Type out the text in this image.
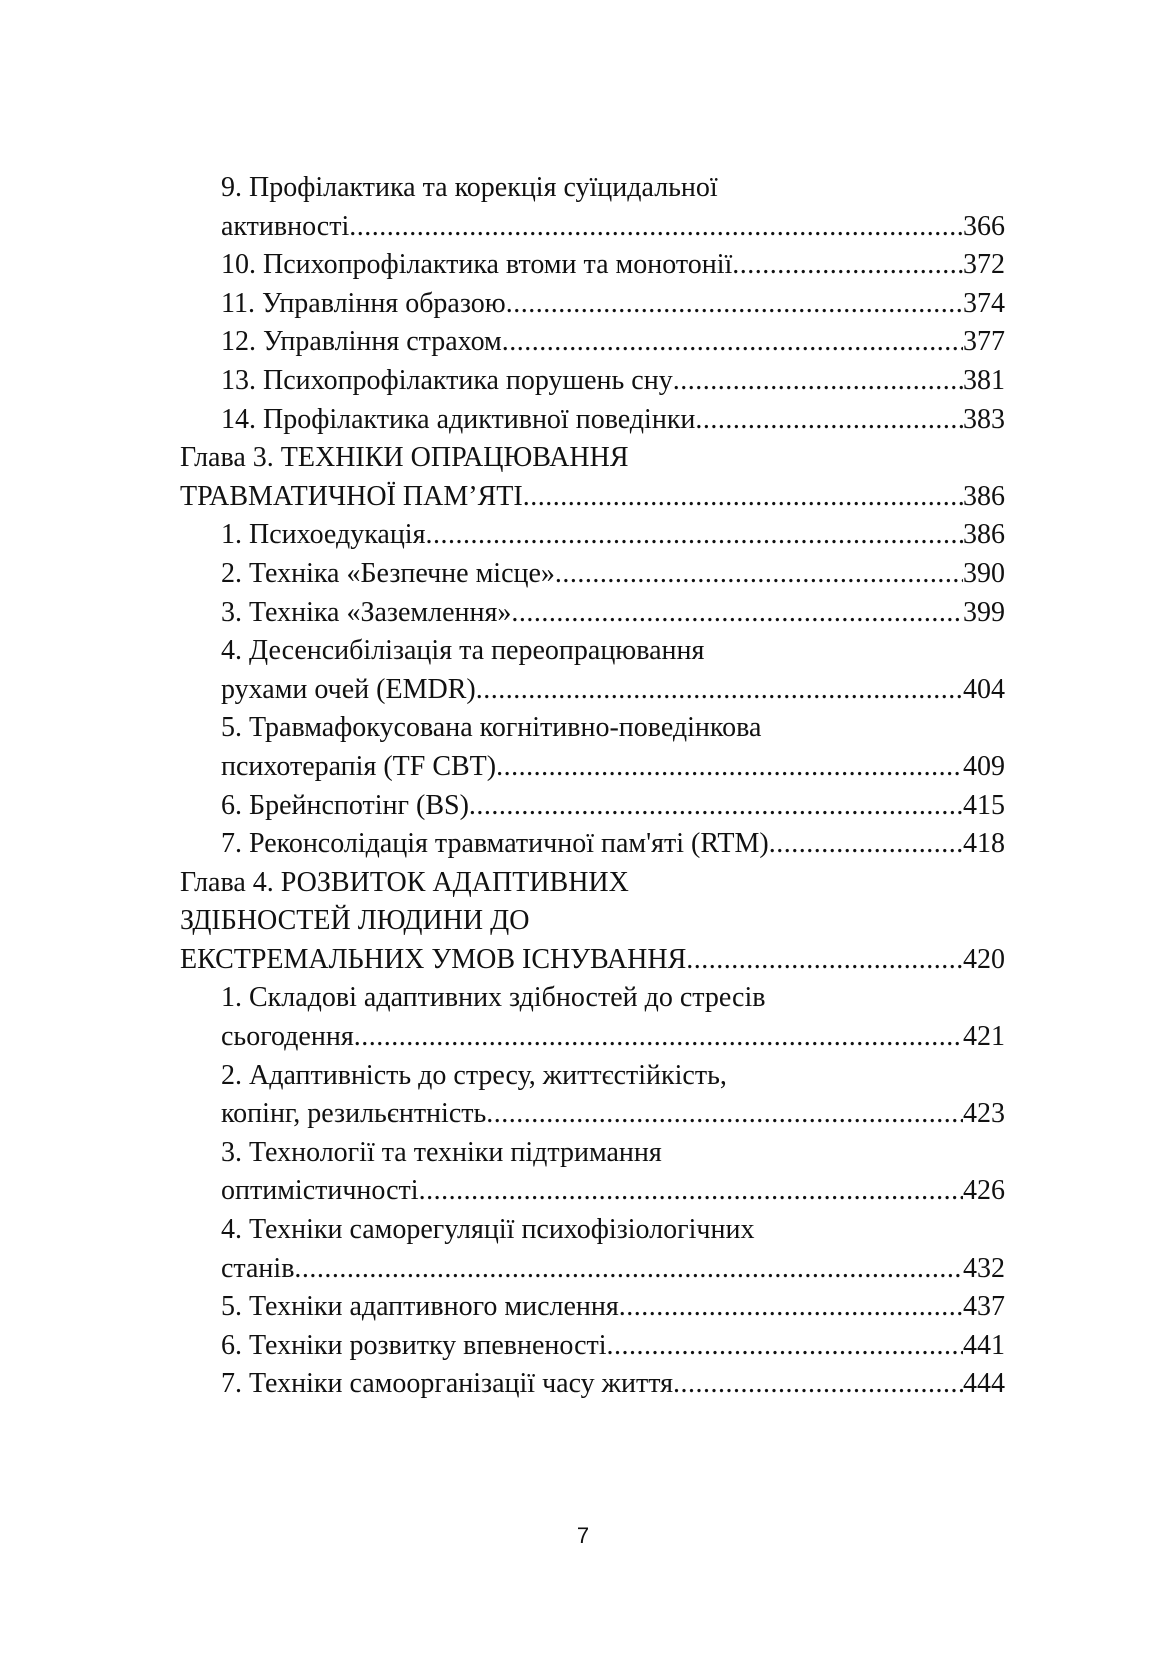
9. Профілактика та корекція суїцидальної
активності .....	366
10. Психопрофілактика втоми та монотонії .....	372
11. Управління образою .....	374
12. Управління страхом .....	377
13. Психопрофілактика порушень сну .....	381
14. Профілактика адиктивної поведінки .....	383
Глава 3. ТЕХНІКИ ОПРАЦЮВАННЯ
ТРАВМАТИЧНОЇ ПАМ’ЯТІ .....	386
1. Психоедукація .....	386
2. Техніка «Безпечне місце» .....	390
3. Техніка «Заземлення» .....	399
4. Десенсибілізація та переопрацювання
рухами очей (EMDR) .....	404
5. Травмафокусована когнітивно-поведінкова
психотерапія (TF CBT) .....	409
6. Брейнспотінг (BS) .....	415
7. Реконсолідація травматичної пам'яті (RTM) .....	418
Глава 4. РОЗВИТОК АДАПТИВНИХ
ЗДІБНОСТЕЙ ЛЮДИНИ ДО
ЕКСТРЕМАЛЬНИХ УМОВ ІСНУВАННЯ .....	420
1. Складові адаптивних здібностей до стресів
сьогодення .....	421
2. Адаптивність до стресу, життєстійкість,
копінг, резильєнтність .....	423
3. Технології та техніки підтримання
оптимістичності .....	426
4. Техніки саморегуляції психофізіологічних
станів .....	432
5. Техніки адаптивного мислення .....	437
6. Техніки розвитку впевненості .....	441
7. Техніки самоорганізації часу життя .....	444
7
